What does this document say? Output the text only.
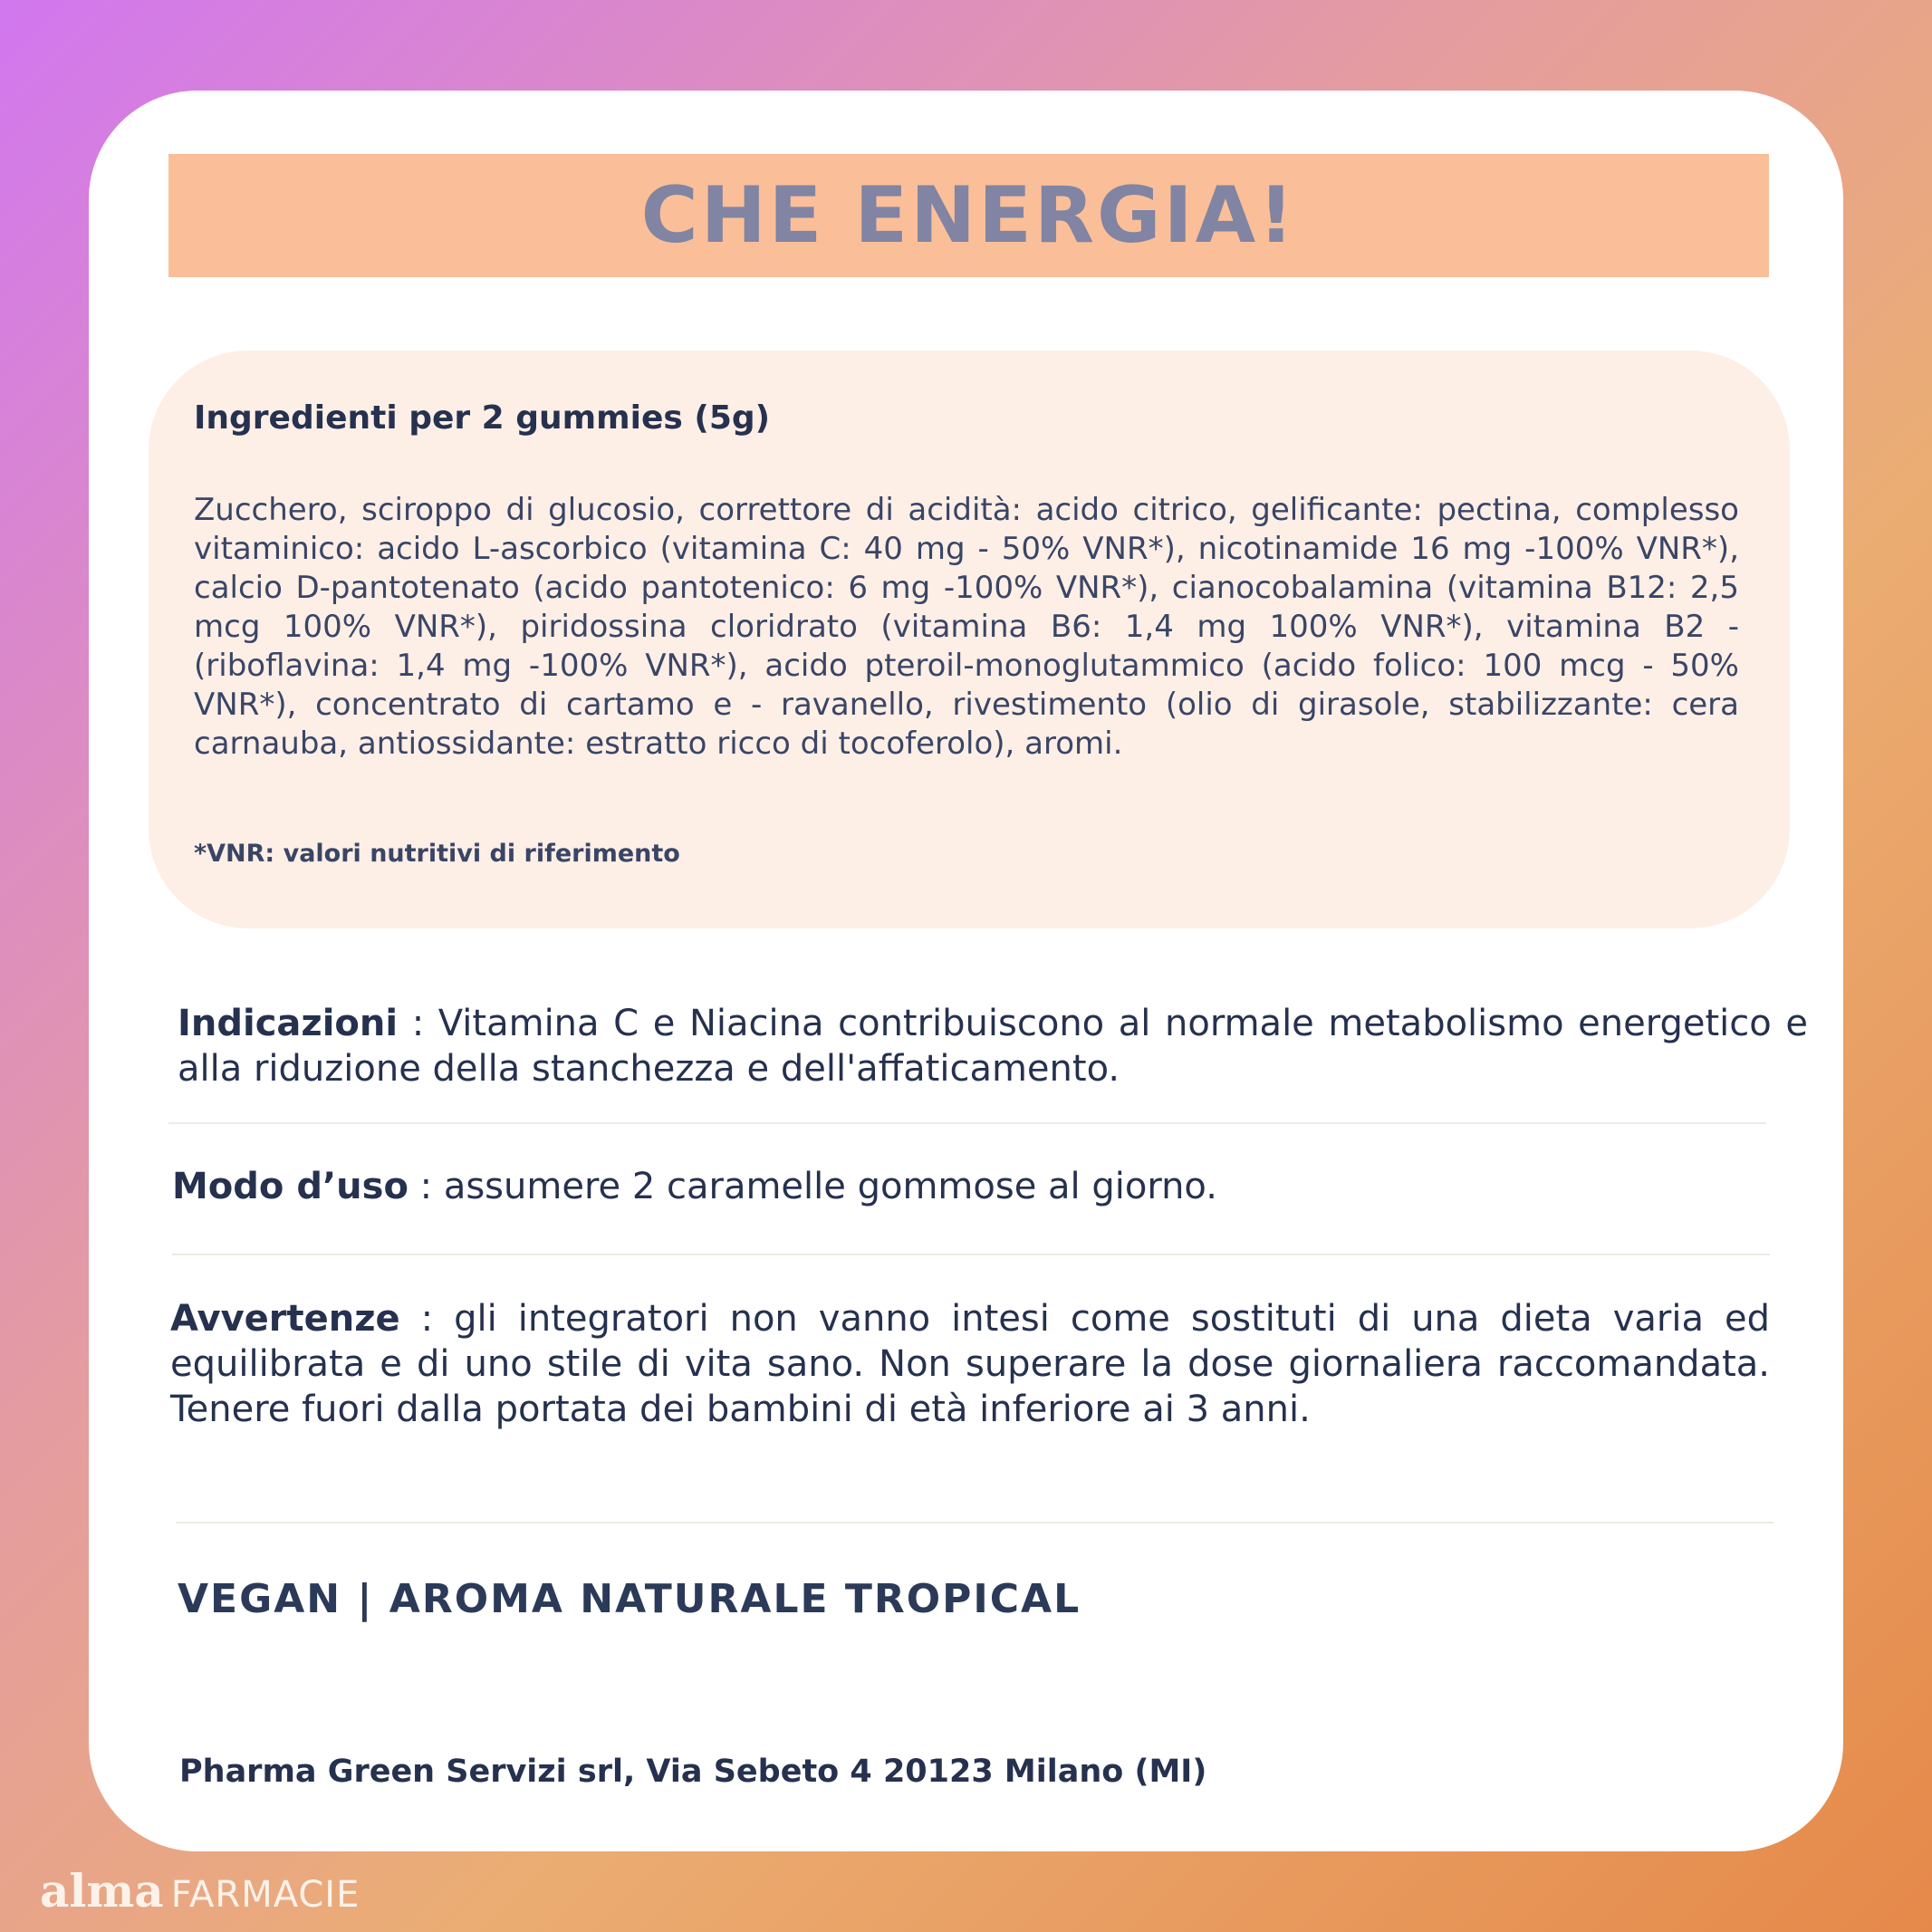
CHE ENERGIA!
Ingredienti per 2 gummies (5g)
Zucchero, sciroppo di glucosio, correttore di acidità: acido citrico, gelificante: pectina, complesso vitaminico: acido L-ascorbico (vitamina C: 40 mg - 50% VNR*), nicotinamide 16 mg -100% VNR*), calcio D-pantotenato (acido pantotenico: 6 mg -100% VNR*), cianocobalamina (vitamina B12: 2,5 mcg 100% VNR*), piridossina cloridrato (vitamina B6: 1,4 mg 100% VNR*), vitamina B2 -(riboflavina: 1,4 mg -100% VNR*), acido pteroil-monoglutammico (acido folico: 100 mcg - 50% VNR*), concentrato di cartamo e - ravanello, rivestimento (olio di girasole, stabilizzante: cera carnauba, antiossidante: estratto ricco di tocoferolo), aromi.
*VNR: valori nutritivi di riferimento
Indicazioni : Vitamina C e Niacina contribuiscono al normale metabolismo energetico e alla riduzione della stanchezza e dell'affaticamento.
Modo d’uso : assumere 2 caramelle gommose al giorno.
Avvertenze : gli integratori non vanno intesi come sostituti di una dieta varia ed equilibrata e di uno stile di vita sano. Non superare la dose giornaliera raccomandata. Tenere fuori dalla portata dei bambini di età inferiore ai 3 anni.
VEGAN | AROMA NATURALE TROPICAL
Pharma Green Servizi srl, Via Sebeto 4 20123 Milano (MI)
alma FARMACIE
